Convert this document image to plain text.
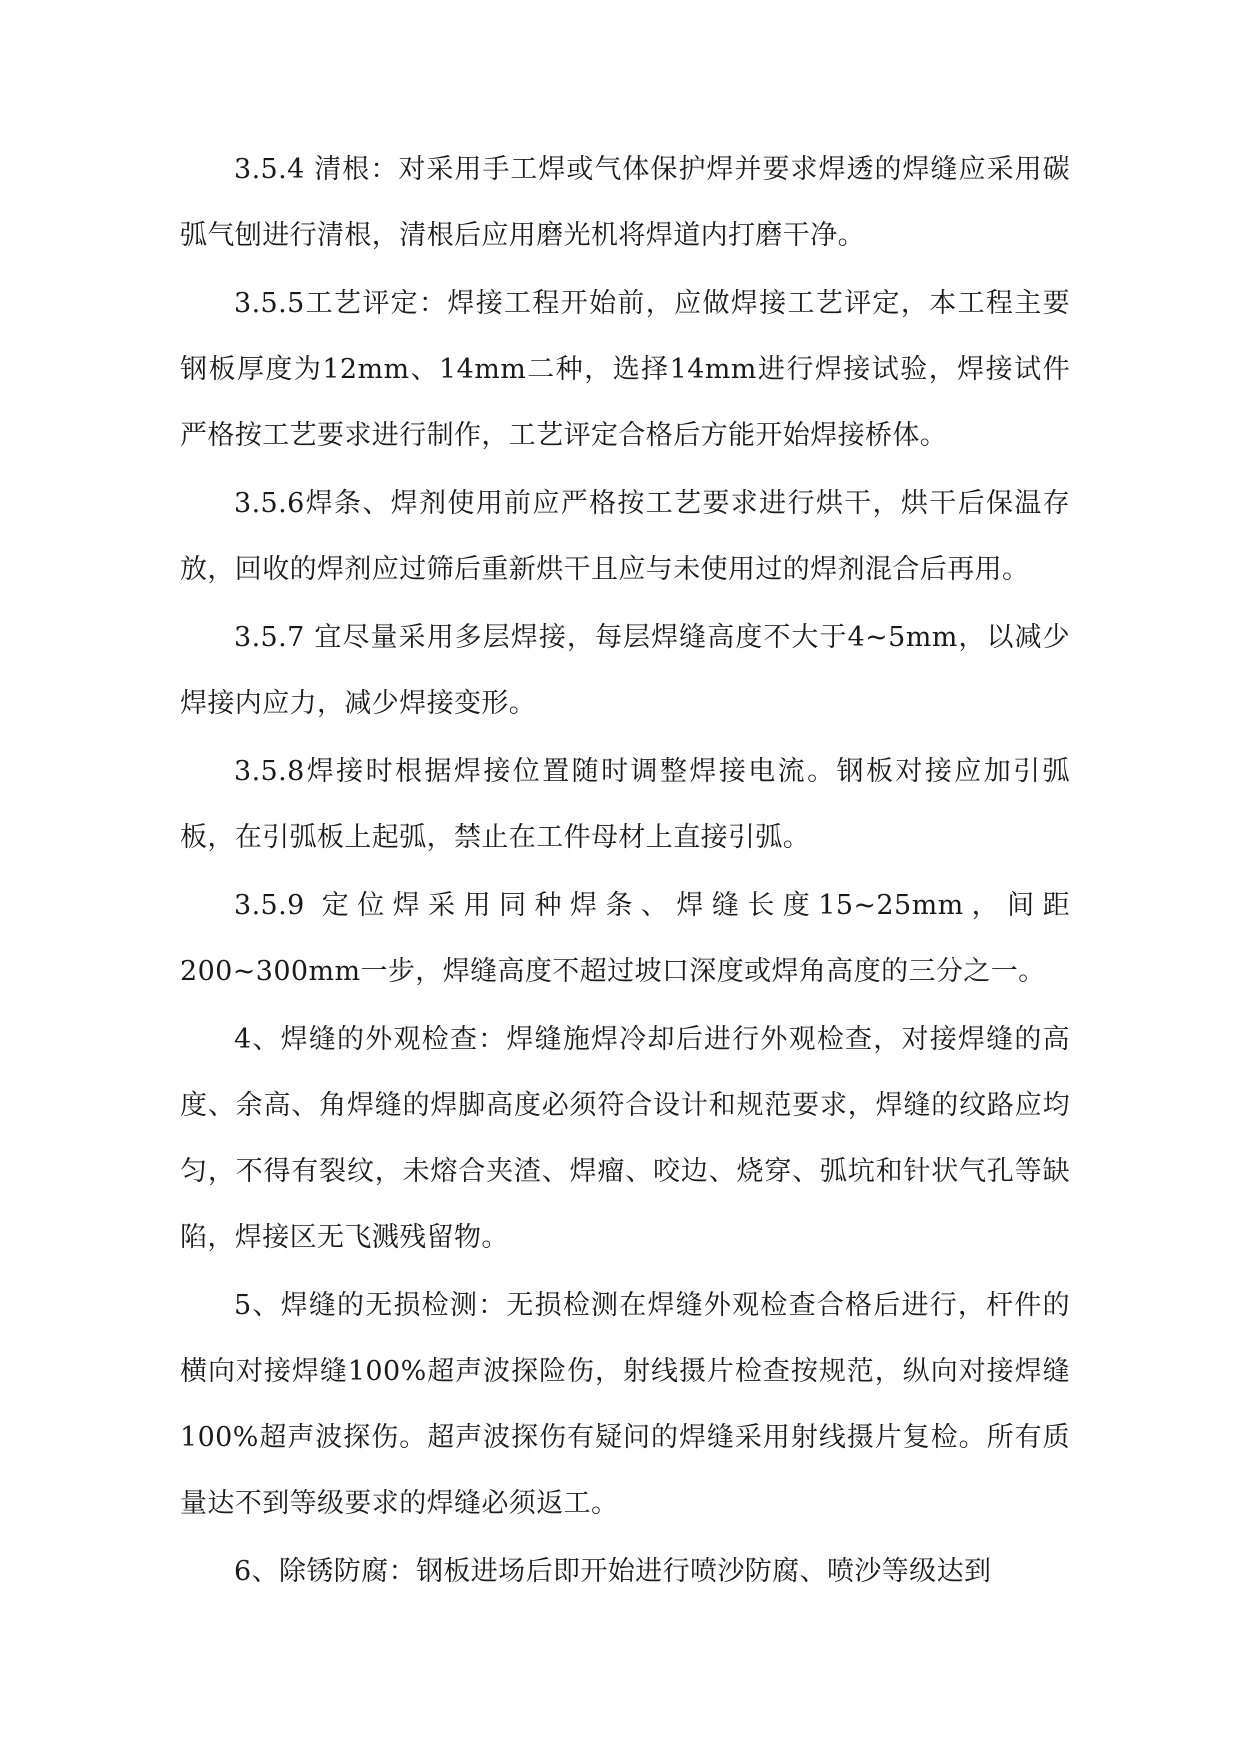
3.5.4 清根：对采用手工焊或气体保护焊并要求焊透的焊缝应采用碳弧气刨进行清根，清根后应用磨光机将焊道内打磨干净。

3.5.5工艺评定：焊接工程开始前，应做焊接工艺评定，本工程主要钢板厚度为12mm、14mm二种，选择14mm进行焊接试验，焊接试件严格按工艺要求进行制作，工艺评定合格后方能开始焊接桥体。

3.5.6焊条、焊剂使用前应严格按工艺要求进行烘干，烘干后保温存放，回收的焊剂应过筛后重新烘干且应与未使用过的焊剂混合后再用。

3.5.7 宜尽量采用多层焊接，每层焊缝高度不大于4~5mm，以减少焊接内应力，减少焊接变形。

3.5.8焊接时根据焊接位置随时调整焊接电流。钢板对接应加引弧板，在引弧板上起弧，禁止在工件母材上直接引弧。

3.5.9 定位焊采用同种焊条、焊缝长度15~25mm，间距200~300mm一步，焊缝高度不超过坡口深度或焊角高度的三分之一。

4、焊缝的外观检查：焊缝施焊冷却后进行外观检查，对接焊缝的高度、余高、角焊缝的焊脚高度必须符合设计和规范要求，焊缝的纹路应均匀，不得有裂纹，未熔合夹渣、焊瘤、咬边、烧穿、弧坑和针状气孔等缺陷，焊接区无飞溅残留物。

5、焊缝的无损检测：无损检测在焊缝外观检查合格后进行，杆件的横向对接焊缝100%超声波探险伤，射线摄片检查按规范，纵向对接焊缝100%超声波探伤。超声波探伤有疑问的焊缝采用射线摄片复检。所有质量达不到等级要求的焊缝必须返工。

6、除锈防腐：钢板进场后即开始进行喷沙防腐、喷沙等级达到
